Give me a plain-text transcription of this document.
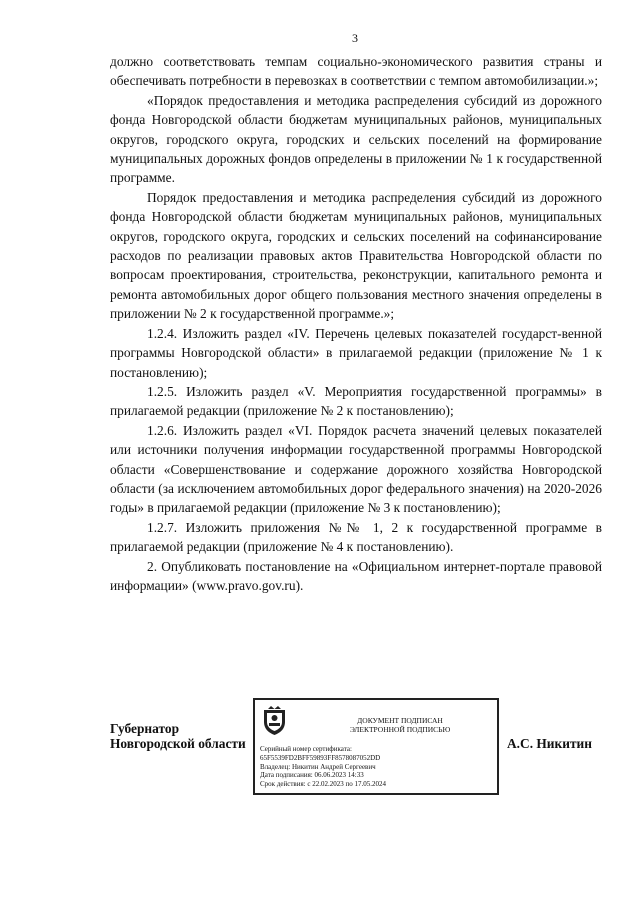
3

должно соответствовать темпам социально-экономического развития страны и обеспечивать потребности в перевозках в соответствии с темпом автомобилизации.»;

«Порядок предоставления и методика распределения субсидий из дорожного фонда Новгородской области бюджетам муниципальных районов, муниципальных округов, городского округа, городских и сельских поселений на формирование муниципальных дорожных фондов определены в приложении № 1 к государственной программе.

Порядок предоставления и методика распределения субсидий из дорожного фонда Новгородской области бюджетам муниципальных районов, муниципальных округов, городского округа, городских и сельских поселений на софинансирование расходов по реализации правовых актов Правительства Новгородской области по вопросам проектирования, строительства, реконструкции, капитального ремонта и ремонта автомобильных дорог общего пользования местного значения определены в приложении № 2 к государственной программе.»;

1.2.4. Изложить раздел «IV. Перечень целевых показателей государст-венной программы Новгородской области» в прилагаемой редакции (приложение № 1 к постановлению);

1.2.5. Изложить раздел «V. Мероприятия государственной программы» в прилагаемой редакции (приложение № 2 к постановлению);

1.2.6. Изложить раздел «VI. Порядок расчета значений целевых показателей или источники получения информации государственной программы Новгородской области «Совершенствование и содержание дорожного хозяйства Новгородской области (за исключением автомобильных дорог федерального значения) на 2020-2026 годы» в прилагаемой редакции (приложение № 3 к постановлению);

1.2.7. Изложить приложения №№ 1, 2 к государственной программе в прилагаемой редакции (приложение № 4 к постановлению).

2. Опубликовать постановление на «Официальном интернет-портале правовой информации» (www.pravo.gov.ru).

Губернатор
Новгородской области
ДОКУМЕНТ ПОДПИСАН
ЭЛЕКТРОННОЙ ПОДПИСЬЮ
Серийный номер сертификата:
65F5539FD2BFF59893FF8578087052DD
Владелец: Никитин Андрей Сергеевич
Дата подписания: 06.06.2023 14:33
Срок действия: с 22.02.2023 по 17.05.2024
А.С. Никитин
